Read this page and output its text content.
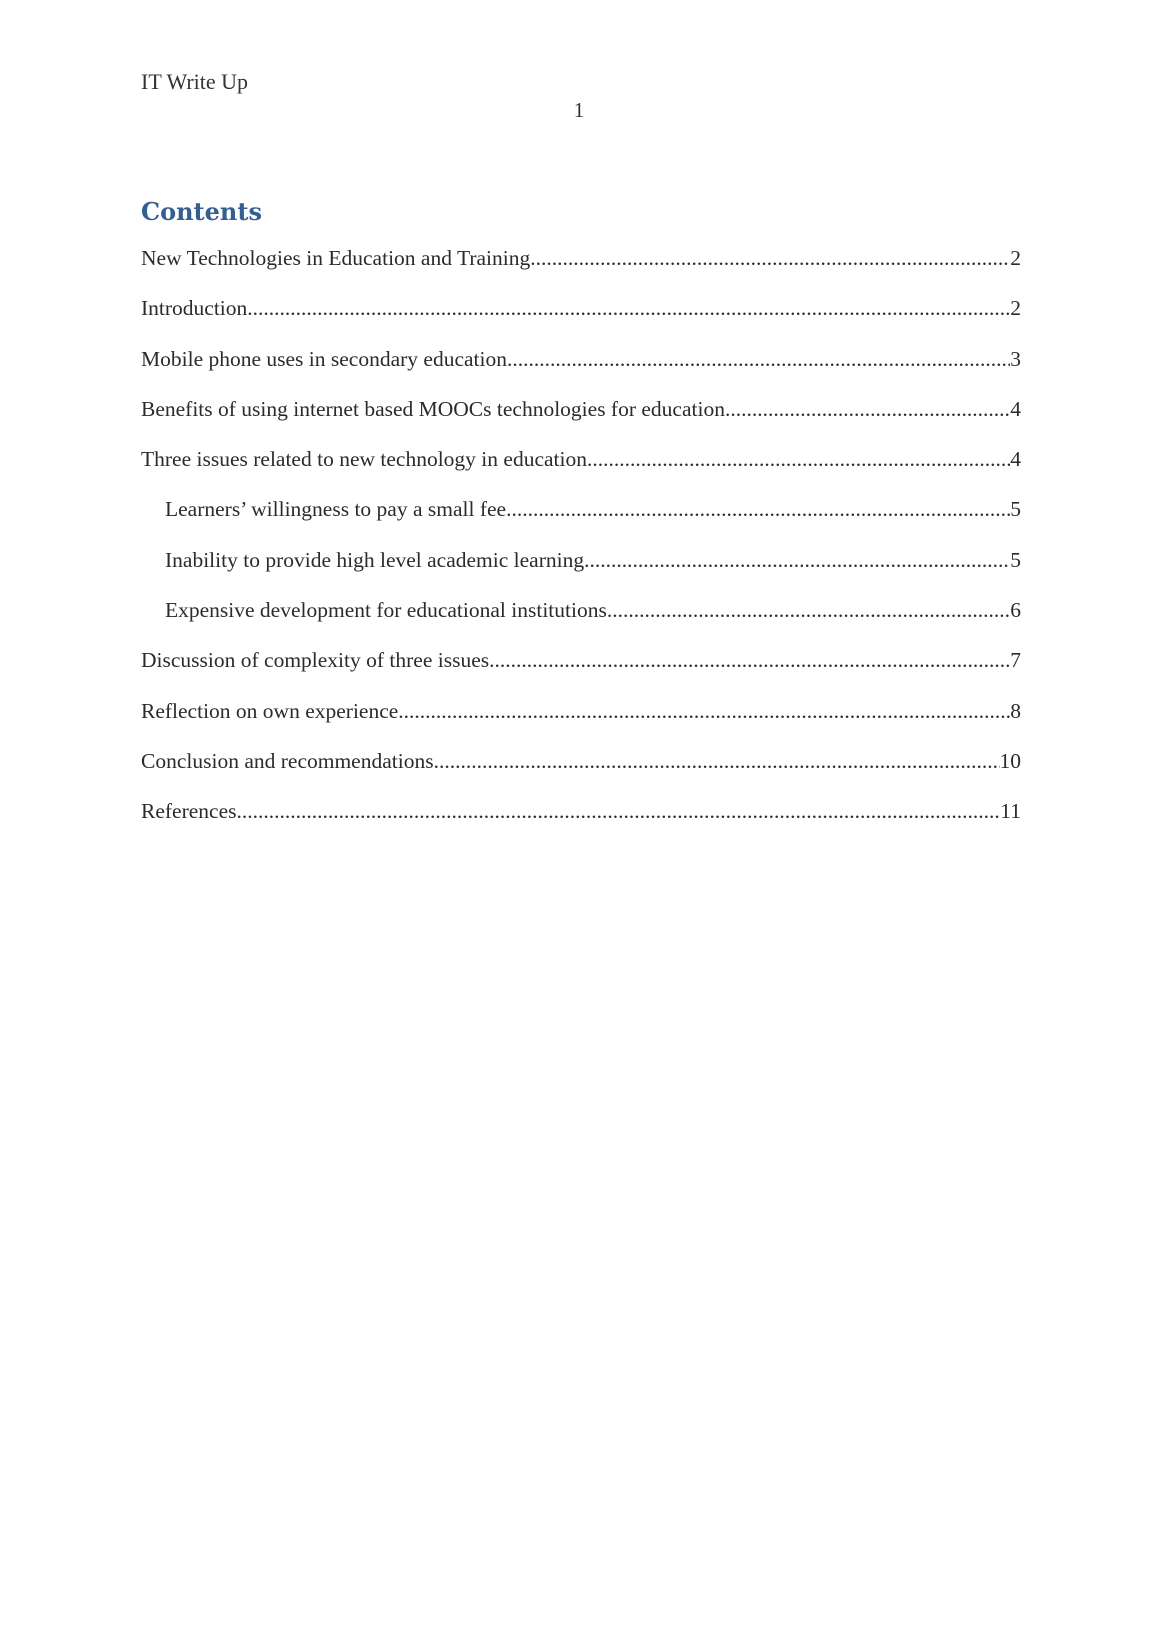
IT Write Up
1
Contents
New Technologies in Education and Training .....	2
Introduction .....	2
Mobile phone uses in secondary education .....	3
Benefits of using internet based MOOCs technologies for education .....	4
Three issues related to new technology in education .....	4
Learners’ willingness to pay a small fee .....	5
Inability to provide high level academic learning .....	5
Expensive development for educational institutions .....	6
Discussion of complexity of three issues .....	7
Reflection on own experience .....	8
Conclusion and recommendations .....	10
References .....	11
